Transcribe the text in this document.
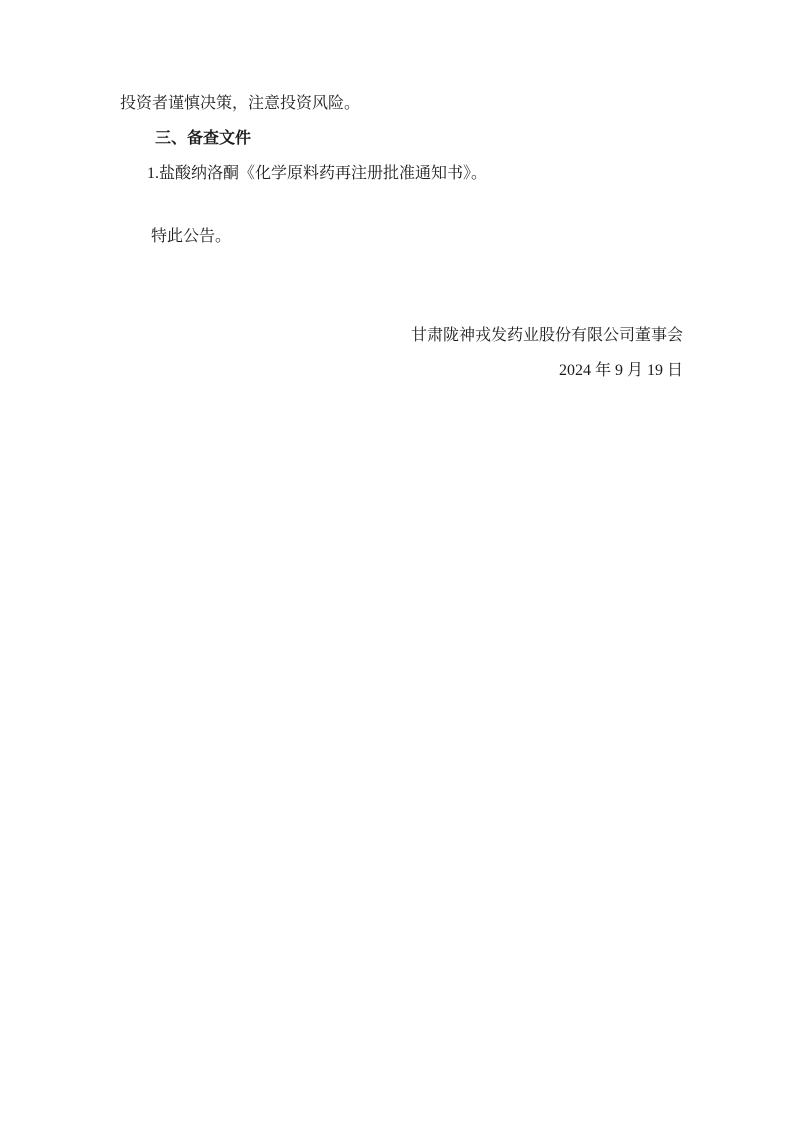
投资者谨慎决策，注意投资风险。

三、备查文件

1.盐酸纳洛酮《化学原料药再注册批准通知书》。

特此公告。

甘肃陇神戎发药业股份有限公司董事会

2024 年 9 月 19 日
